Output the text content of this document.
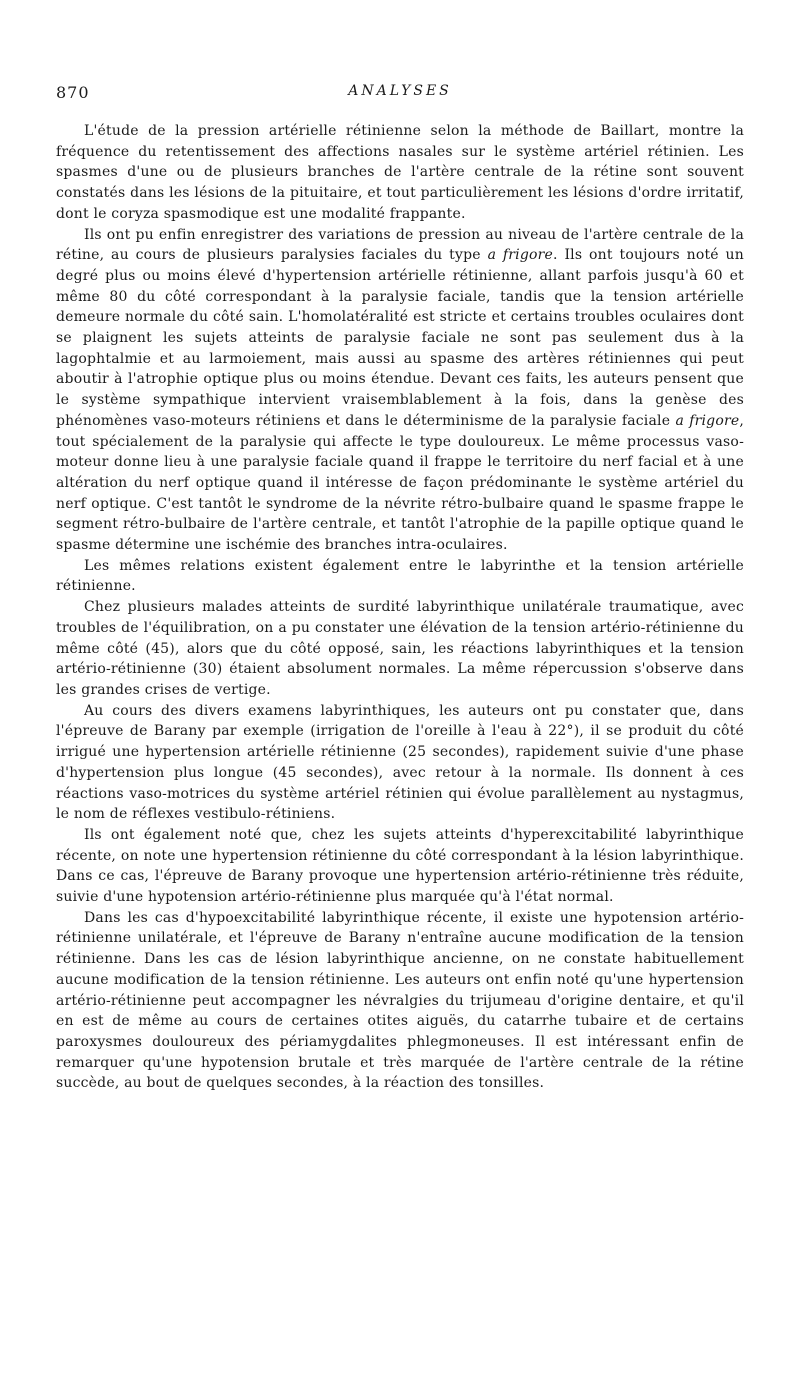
870	ANALYSES

L'étude de la pression artérielle rétinienne selon la méthode de Baillart, montre la fréquence du retentissement des affections nasales sur le système artériel rétinien. Les spasmes d'une ou de plusieurs branches de l'artère centrale de la rétine sont souvent constatés dans les lésions de la pituitaire, et tout particulièrement les lésions d'ordre irritatif, dont le coryza spasmodique est une modalité frappante.

Ils ont pu enfin enregistrer des variations de pression au niveau de l'artère centrale de la rétine, au cours de plusieurs paralysies faciales du type a frigore. Ils ont toujours noté un degré plus ou moins élevé d'hypertension artérielle rétinienne, allant parfois jusqu'à 60 et même 80 du côté correspondant à la paralysie faciale, tandis que la tension artérielle demeure normale du côté sain. L'homolatéralité est stricte et certains troubles oculaires dont se plaignent les sujets atteints de paralysie faciale ne sont pas seulement dus à la lagophtalmie et au larmoiement, mais aussi au spasme des artères rétiniennes qui peut aboutir à l'atrophie optique plus ou moins étendue. Devant ces faits, les auteurs pensent que le système sympathique intervient vraisemblablement à la fois, dans la genèse des phénomènes vaso-moteurs rétiniens et dans le déterminisme de la paralysie faciale a frigore, tout spécialement de la paralysie qui affecte le type douloureux. Le même processus vaso-moteur donne lieu à une paralysie faciale quand il frappe le territoire du nerf facial et à une altération du nerf optique quand il intéresse de façon prédominante le système artériel du nerf optique. C'est tantôt le syndrome de la névrite rétro-bulbaire quand le spasme frappe le segment rétro-bulbaire de l'artère centrale, et tantôt l'atrophie de la papille optique quand le spasme détermine une ischémie des branches intra-oculaires.

Les mêmes relations existent également entre le labyrinthe et la tension artérielle rétinienne.

Chez plusieurs malades atteints de surdité labyrinthique unilatérale traumatique, avec troubles de l'équilibration, on a pu constater une élévation de la tension artério-rétinienne du même côté (45), alors que du côté opposé, sain, les réactions labyrinthiques et la tension artério-rétinienne (30) étaient absolument normales. La même répercussion s'observe dans les grandes crises de vertige.

Au cours des divers examens labyrinthiques, les auteurs ont pu constater que, dans l'épreuve de Barany par exemple (irrigation de l'oreille à l'eau à 22°), il se produit du côté irrigué une hypertension artérielle rétinienne (25 secondes), rapidement suivie d'une phase d'hypertension plus longue (45 secondes), avec retour à la normale. Ils donnent à ces réactions vaso-motrices du système artériel rétinien qui évolue parallèlement au nystagmus, le nom de réflexes vestibulo-rétiniens.

Ils ont également noté que, chez les sujets atteints d'hyperexcitabilité labyrinthique récente, on note une hypertension rétinienne du côté correspondant à la lésion labyrinthique. Dans ce cas, l'épreuve de Barany provoque une hypertension artério-rétinienne très réduite, suivie d'une hypotension artério-rétinienne plus marquée qu'à l'état normal.

Dans les cas d'hypoexcitabilité labyrinthique récente, il existe une hypotension artério-rétinienne unilatérale, et l'épreuve de Barany n'entraîne aucune modification de la tension rétinienne. Dans les cas de lésion labyrinthique ancienne, on ne constate habituellement aucune modification de la tension rétinienne. Les auteurs ont enfin noté qu'une hypertension artério-rétinienne peut accompagner les névralgies du trijumeau d'origine dentaire, et qu'il en est de même au cours de certaines otites aiguës, du catarrhe tubaire et de certains paroxysmes douloureux des périamygdalites phlegmoneuses. Il est intéressant enfin de remarquer qu'une hypotension brutale et très marquée de l'artère centrale de la rétine succède, au bout de quelques secondes, à la réaction des tonsilles.
